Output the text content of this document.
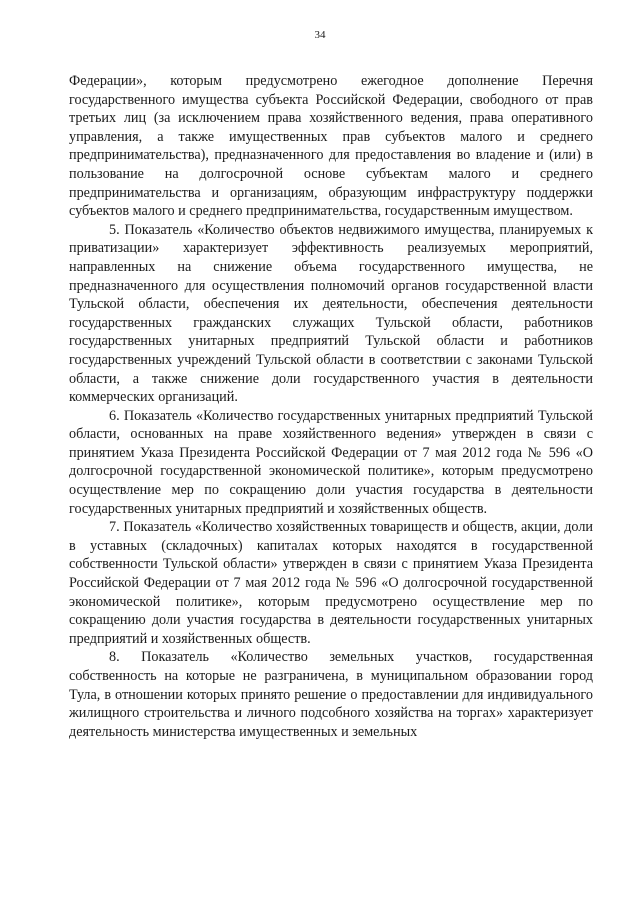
34

Федерации», которым предусмотрено ежегодное дополнение Перечня государственного имущества субъекта Российской Федерации, свободного от прав третьих лиц (за исключением права хозяйственного ведения, права оперативного управления, а также имущественных прав субъектов малого и среднего предпринимательства), предназначенного для предоставления во владение и (или) в пользование на долгосрочной основе субъектам малого и среднего предпринимательства и организациям, образующим инфраструктуру поддержки субъектов малого и среднего предпринимательства, государственным имуществом.

5. Показатель «Количество объектов недвижимого имущества, планируемых к приватизации» характеризует эффективность реализуемых мероприятий, направленных на снижение объема государственного имущества, не предназначенного для осуществления полномочий органов государственной власти Тульской области, обеспечения их деятельности, обеспечения деятельности государственных гражданских служащих Тульской области, работников государственных унитарных предприятий Тульской области и работников государственных учреждений Тульской области в соответствии с законами Тульской области, а также снижение доли государственного участия в деятельности коммерческих организаций.

6. Показатель «Количество государственных унитарных предприятий Тульской области, основанных на праве хозяйственного ведения» утвержден в связи с принятием Указа Президента Российской Федерации от 7 мая 2012 года № 596 «О долгосрочной государственной экономической политике», которым предусмотрено осуществление мер по сокращению доли участия государства в деятельности государственных унитарных предприятий и хозяйственных обществ.

7. Показатель «Количество хозяйственных товариществ и обществ, акции, доли в уставных (складочных) капиталах которых находятся в государственной собственности Тульской области» утвержден в связи с принятием Указа Президента Российской Федерации от 7 мая 2012 года № 596 «О долгосрочной государственной экономической политике», которым предусмотрено осуществление мер по сокращению доли участия государства в деятельности государственных унитарных предприятий и хозяйственных обществ.

8. Показатель «Количество земельных участков, государственная собственность на которые не разграничена, в муниципальном образовании город Тула, в отношении которых принято решение о предоставлении для индивидуального жилищного строительства и личного подсобного хозяйства на торгах» характеризует деятельность министерства имущественных и земельных
